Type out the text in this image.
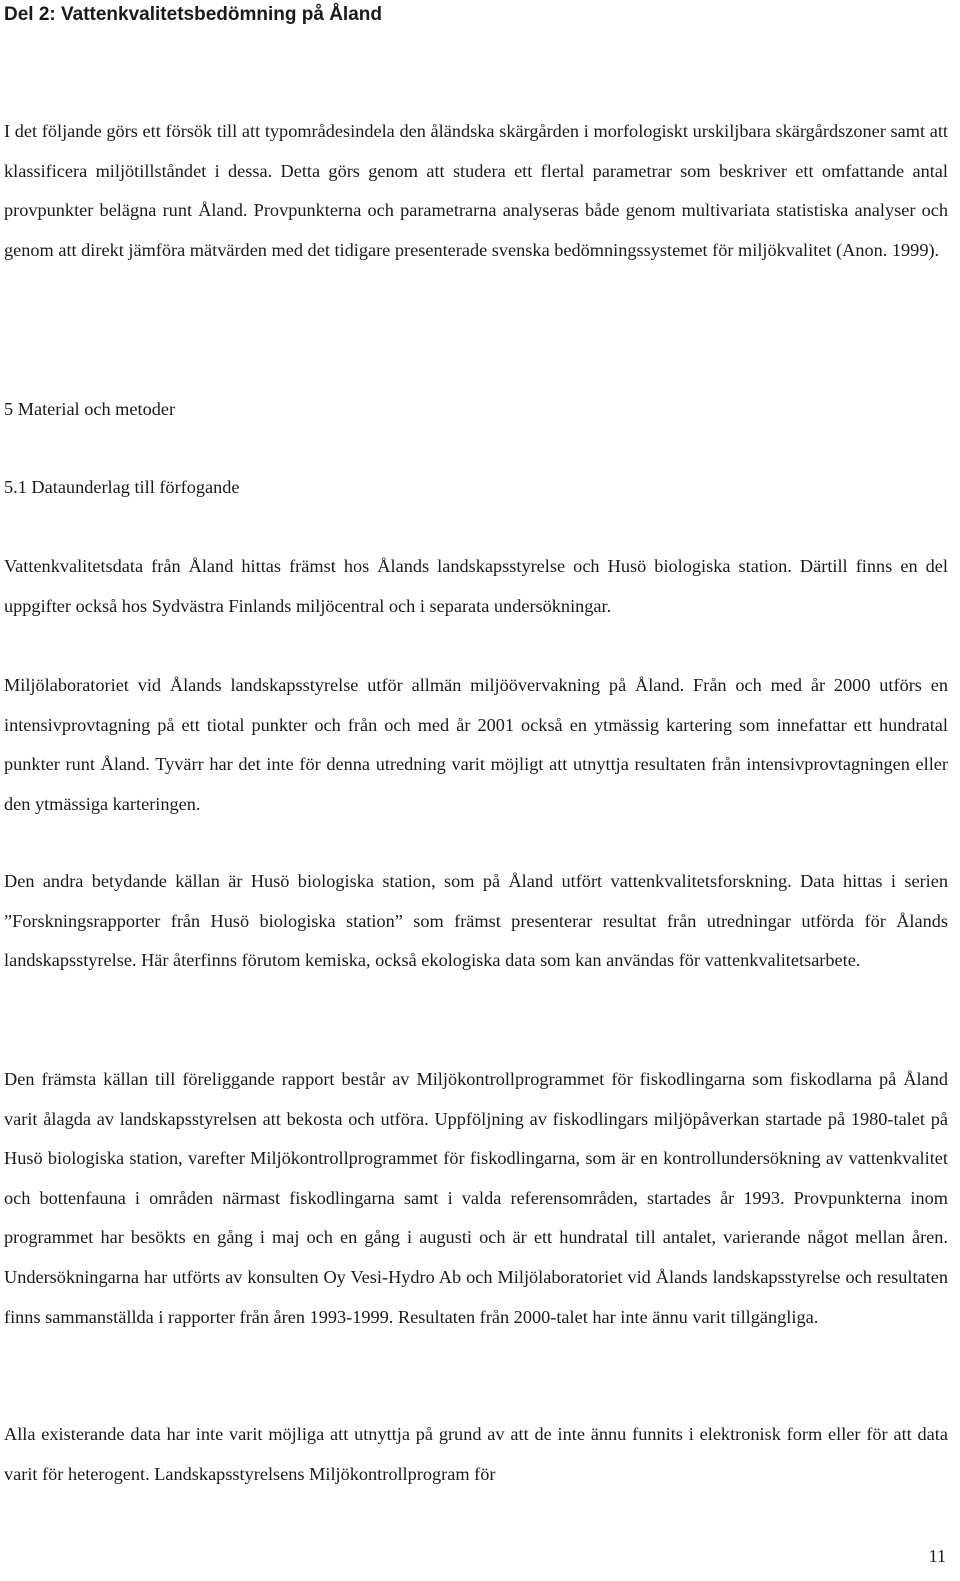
Del 2: Vattenkvalitetsbedömning på Åland

I det följande görs ett försök till att typområdesindela den åländska skärgården i morfologiskt urskiljbara skärgårdszoner samt att klassificera miljötillståndet i dessa. Detta görs genom att studera ett flertal parametrar som beskriver ett omfattande antal provpunkter belägna runt Åland. Provpunkterna och parametrarna analyseras både genom multivariata statistiska analyser och genom att direkt jämföra mätvärden med det tidigare presenterade svenska bedömningssystemet för miljökvalitet (Anon. 1999).

5 Material och metoder
5.1 Dataunderlag till förfogande

Vattenkvalitetsdata från Åland hittas främst hos Ålands landskapsstyrelse och Husö biologiska station. Därtill finns en del uppgifter också hos Sydvästra Finlands miljöcentral och i separata undersökningar.

Miljölaboratoriet vid Ålands landskapsstyrelse utför allmän miljöövervakning på Åland. Från och med år 2000 utförs en intensivprovtagning på ett tiotal punkter och från och med år 2001 också en ytmässig kartering som innefattar ett hundratal punkter runt Åland. Tyvärr har det inte för denna utredning varit möjligt att utnyttja resultaten från intensivprovtagningen eller den ytmässiga karteringen.

Den andra betydande källan är Husö biologiska station, som på Åland utfört vattenkvalitetsforskning. Data hittas i serien ”Forskningsrapporter från Husö biologiska station” som främst presenterar resultat från utredningar utförda för Ålands landskapsstyrelse. Här återfinns förutom kemiska, också ekologiska data som kan användas för vattenkvalitetsarbete.

Den främsta källan till föreliggande rapport består av Miljökontrollprogrammet för fiskodlingarna som fiskodlarna på Åland varit ålagda av landskapsstyrelsen att bekosta och utföra. Uppföljning av fiskodlingars miljöpåverkan startade på 1980-talet på Husö biologiska station, varefter Miljökontrollprogrammet för fiskodlingarna, som är en kontrollundersökning av vattenkvalitet och bottenfauna i områden närmast fiskodlingarna samt i valda referensområden, startades år 1993. Provpunkterna inom programmet har besökts en gång i maj och en gång i augusti och är ett hundratal till antalet, varierande något mellan åren. Undersökningarna har utförts av konsulten Oy Vesi-Hydro Ab och Miljölaboratoriet vid Ålands landskapsstyrelse och resultaten finns sammanställda i rapporter från åren 1993-1999. Resultaten från 2000-talet har inte ännu varit tillgängliga.

Alla existerande data har inte varit möjliga att utnyttja på grund av att de inte ännu funnits i elektronisk form eller för att data varit för heterogent. Landskapsstyrelsens Miljökontrollprogram för

11
